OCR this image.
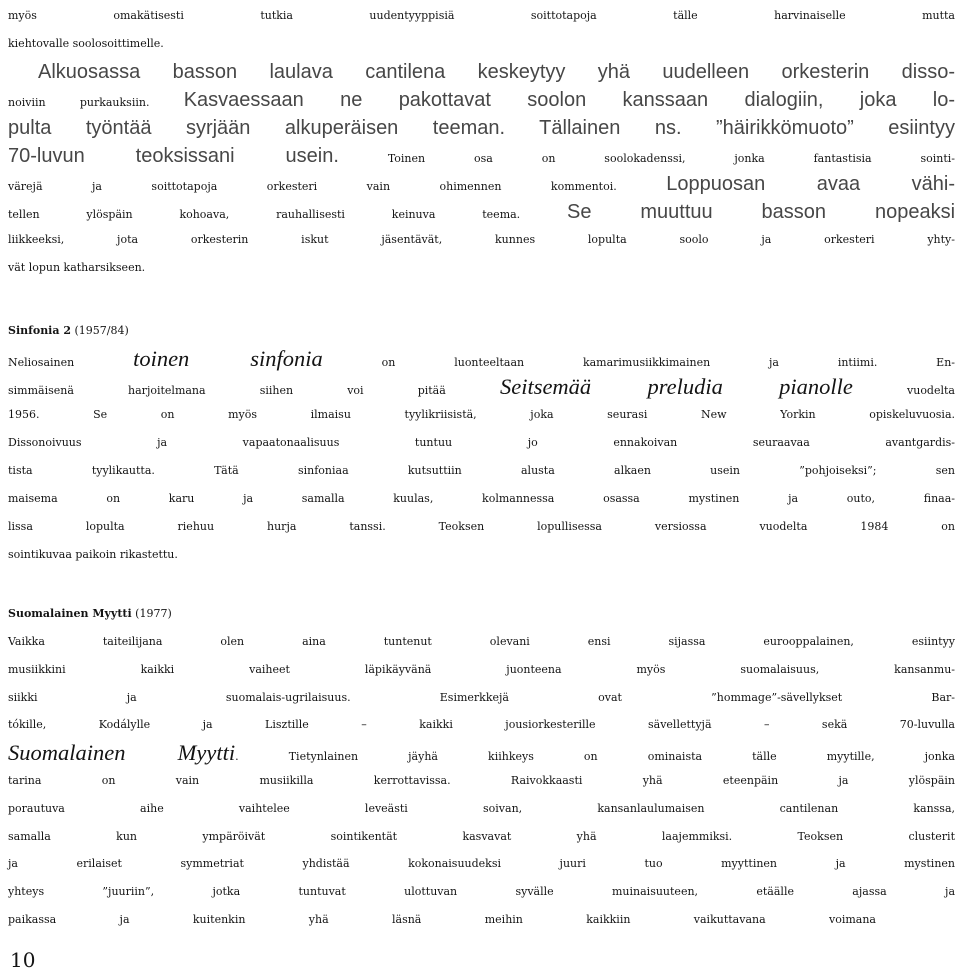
myös omakätisesti tutkia uudentyyppisiä soittotapoja tälle harvinaiselle mutta
kiehtovalle soolosoittimelle.
Alkuosassa basson laulava cantilena keskeytyy yhä uudelleen orkesterin disso-
noiviin purkauksiin. Kasvaessaan ne pakottavat soolon kanssaan dialogiin, joka lo-
pulta työntää syrjään alkuperäisen teeman. Tällainen ns. ”häirikkömuoto” esiintyy
70-luvun teoksissani usein.	Toinen osa on soolokadenssi, jonka fantastisia sointi-
värejä ja soittotapoja orkesteri vain ohimennen kommentoi. Loppuosan avaa vähi-
tellen ylöspäin kohoava, rauhallisesti keinuva teema. Se muuttuu basson nopeaksi
liikkeeksi, jota orkesterin iskut jäsentävät, kunnes lopulta soolo ja orkesteri yhty-
vät lopun katharsikseen.
Sinfonia 2 (1957/84)
Neliosainen	toinen sinfonia	on luonteeltaan kamarimusiikkimainen ja intiimi. En-
simmäisenä harjoitelmana siihen voi pitää Seitsemää preludia pianolle	vuodelta
1956. Se on myös ilmaisu tyylikriisistä, joka seurasi New Yorkin opiskeluvuosia.
Dissonoivuus ja vapaatonaalisuus tuntuu jo ennakoivan seuraavaa avantgardis-
tista tyylikautta. Tätä sinfoniaa kutsuttiin alusta alkaen usein ”pohjoiseksi”; sen
maisema on karu ja samalla kuulas, kolmannessa osassa mystinen ja outo, finaa-
lissa lopulta riehuu hurja tanssi. Teoksen lopullisessa versiossa vuodelta 1984 on
sointikuvaa paikoin rikastettu.
Suomalainen Myytti (1977)
Vaikka taiteilijana olen aina tuntenut olevani ensi sijassa eurooppalainen, esiintyy
musiikkini kaikki vaiheet läpikäyvänä juonteena myös suomalaisuus, kansanmu-
siikki ja suomalais-ugrilaisuus. Esimerkkejä ovat ”hommage”-sävellykset Bar-
tókille, Kodálylle ja Lisztille – kaikki jousiorkesterille sävellettyjä – sekä 70-luvulla
Suomalainen Myytti. Tietynlainen jäyhä kiihkeys on ominaista tälle myytille, jonka
tarina on vain musiikilla kerrottavissa. Raivokkaasti yhä eteenpäin ja ylöspäin
porautuva aihe vaihtelee leveästi soivan, kansanlaulumaisen cantilenan kanssa,
samalla kun ympäröivät sointikentät kasvavat yhä laajemmiksi. Teoksen clusterit
ja erilaiset symmetriat yhdistää kokonaisuudeksi juuri tuo myyttinen ja mystinen
yhteys ”juuriin”, jotka tuntuvat ulottuvan syvälle muinaisuuteen, etäälle ajassa ja
paikassa ja kuitenkin yhä läsnä meihin kaikkiin vaikuttavana voimana
10
